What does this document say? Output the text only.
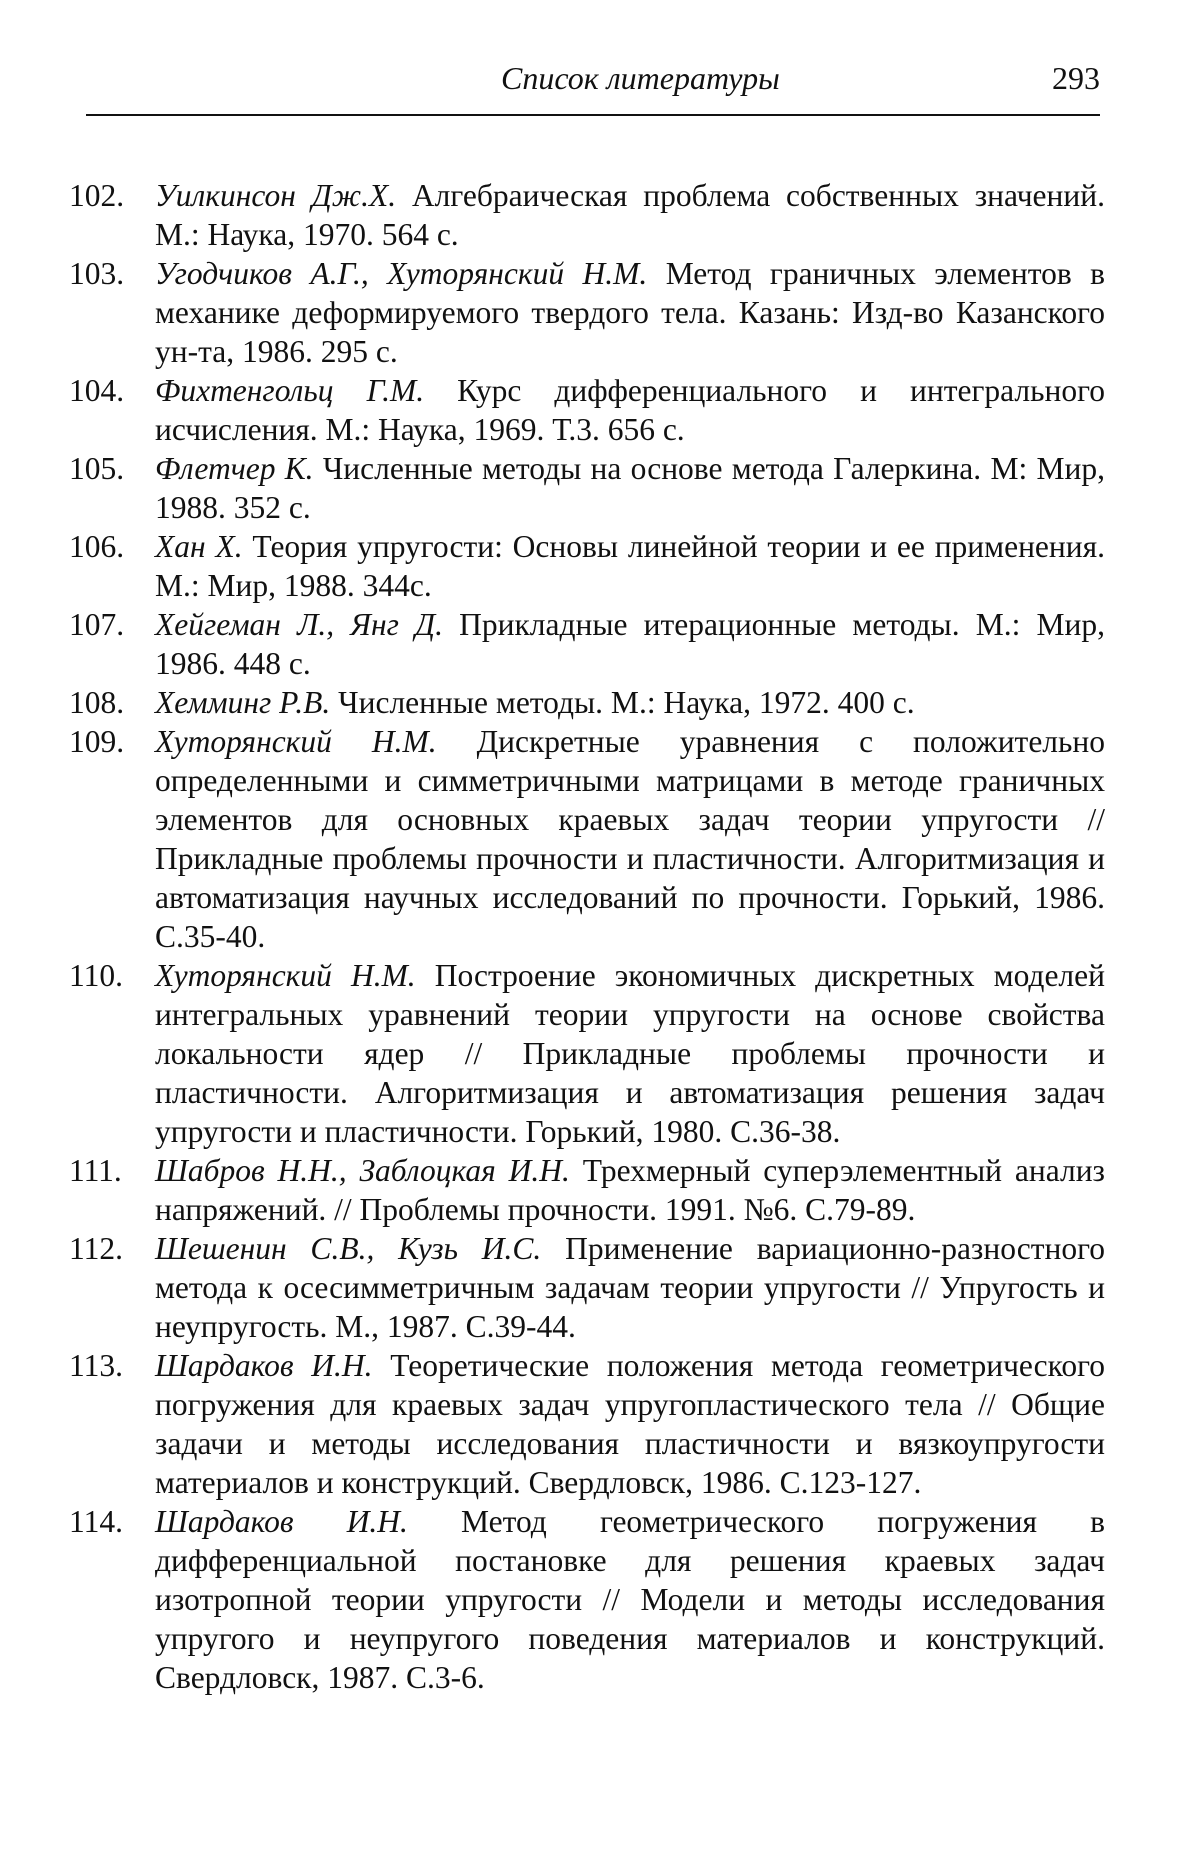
Список литературы	293
102. Уилкинсон Дж.Х. Алгебраическая проблема собственных значений. М.: Наука, 1970. 564 с.
103. Угодчиков А.Г., Хуторянский Н.М. Метод граничных элементов в механике деформируемого твердого тела. Казань: Изд-во Казанского ун-та, 1986. 295 с.
104. Фихтенгольц Г.М. Курс дифференциального и интегрального исчисления. М.: Наука, 1969. Т.3. 656 с.
105. Флетчер К. Численные методы на основе метода Галеркина. М: Мир, 1988. 352 с.
106. Хан Х. Теория упругости: Основы линейной теории и ее применения. М.: Мир, 1988. 344с.
107. Хейгеман Л., Янг Д. Прикладные итерационные методы. М.: Мир, 1986. 448 с.
108. Хемминг Р.В. Численные методы. М.: Наука, 1972. 400 с.
109. Хуторянский Н.М. Дискретные уравнения с положительно определенными и симметричными матрицами в методе граничных элементов для основных краевых задач теории упругости // Прикладные проблемы прочности и пластичности. Алгоритмизация и автоматизация научных исследований по прочности. Горький, 1986. С.35-40.
110.	Хуторянский Н.М. Построение экономичных дискретных моделей интегральных уравнений теории упругости на основе свойства локальности ядер // Прикладные проблемы прочности и пластичности. Алгоритмизация и автоматизация решения задач упругости и пластичности. Горький, 1980. С.36-38.
111.	Шабров Н.Н., Заблоцкая И.Н. Трехмерный суперэлементный анализ напряжений. // Проблемы прочности. 1991. №6. С.79-89.
112.	Шешенин С.В., Кузь И.С. Применение вариационно-разностного метода к осесимметричным задачам теории упругости // Упругость и неупругость. М., 1987. С.39-44.
113.	Шардаков И.Н. Теоретические положения метода геометрического погружения для краевых задач упругопластического тела // Общие задачи и методы исследования пластичности и вязкоупругости материалов и конструкций. Свердловск, 1986. С.123-127.
114.	Шардаков И.Н. Метод геометрического погружения в дифференциальной постановке для решения краевых задач изотропной теории упругости // Модели и методы исследования упругого и неупругого поведения материалов и конструкций. Свердловск, 1987. С.3-6.
